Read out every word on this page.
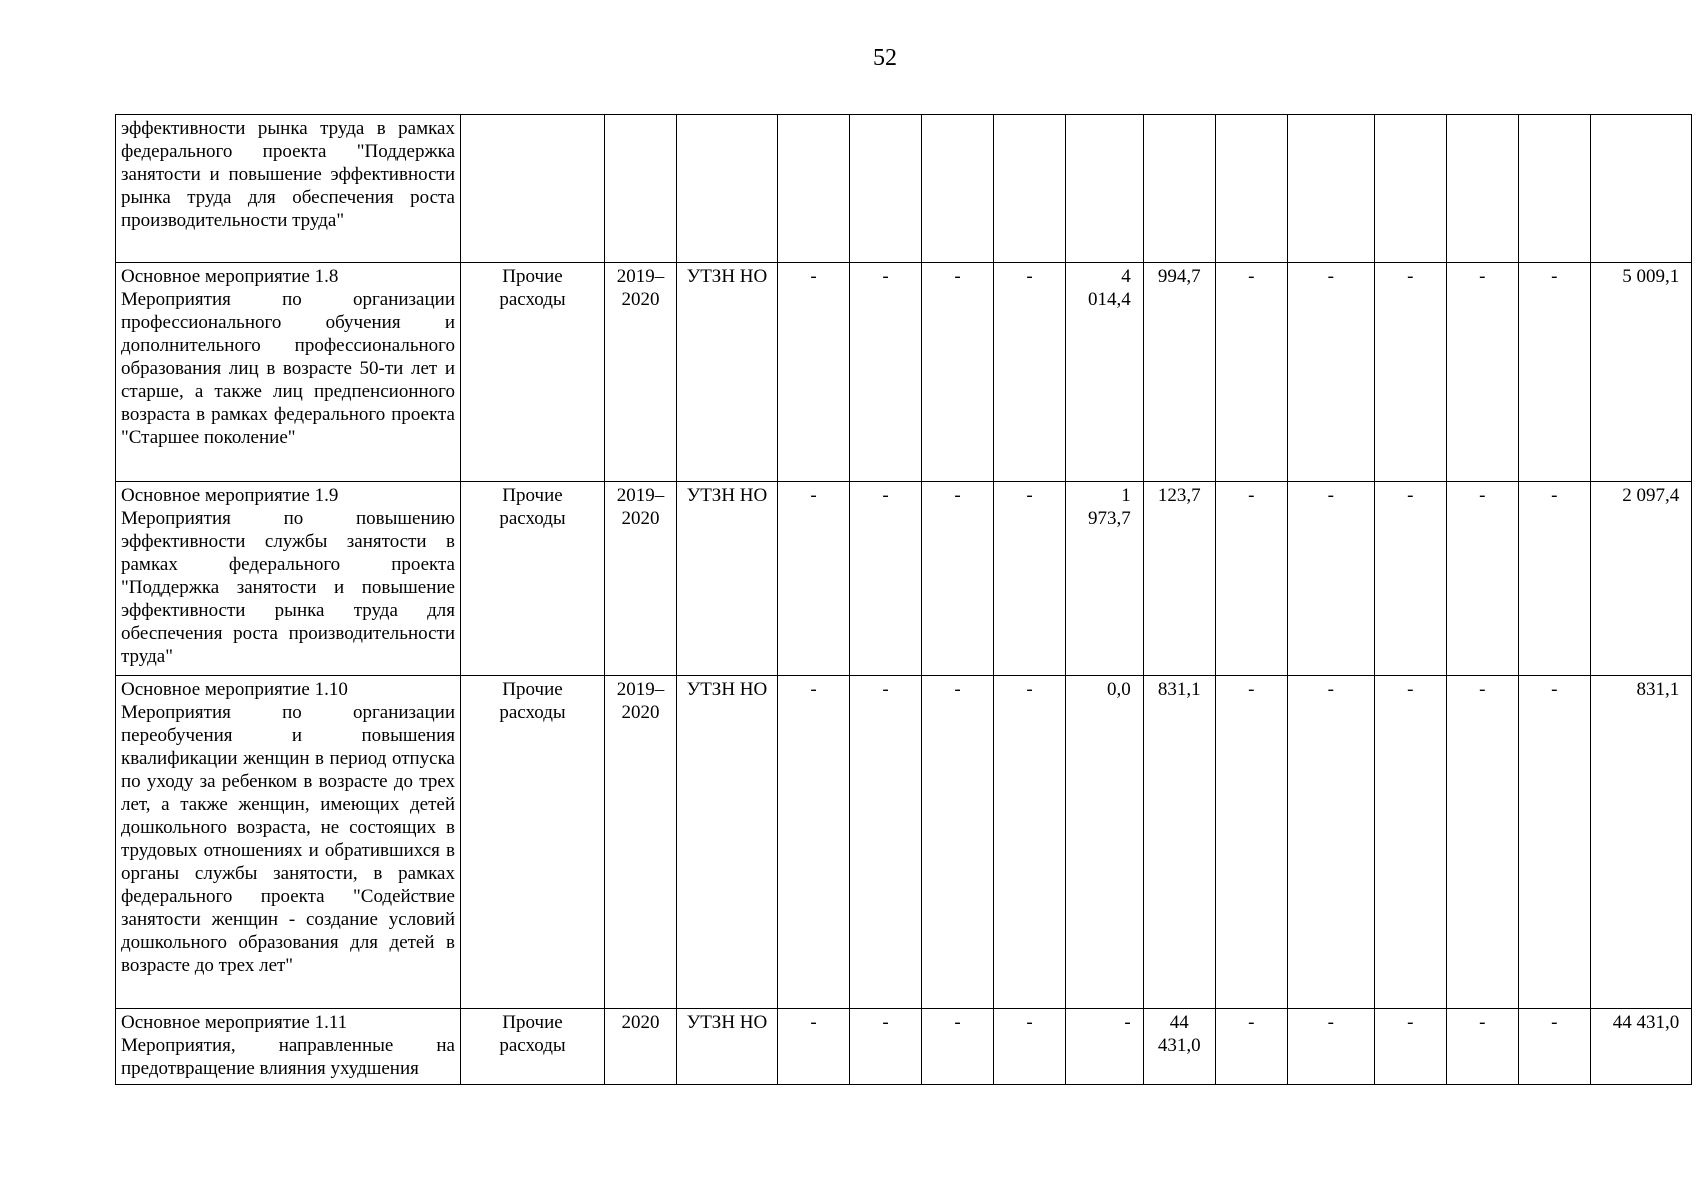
52
эффективности рынка труда в рамках федерального проекта "Поддержка занятости и повышение эффективности рынка труда для обеспечения роста производительности труда"															

Основное мероприятие 1.8
Мероприятия по организации профессионального обучения и дополнительного профессионального образования лиц в возрасте 50-ти лет и старше, а также лиц предпенсионного возраста в рамках федерального проекта "Старшее поколение"	Прочие расходы	2019–2020	УТЗН НО	-	-	-	-	4 014,4	994,7	-	-	-	-	-	5 009,1

Основное мероприятие 1.9
Мероприятия по повышению эффективности службы занятости в рамках федерального проекта "Поддержка занятости и повышение эффективности рынка труда для обеспечения роста производительности труда"	Прочие расходы	2019–2020	УТЗН НО	-	-	-	-	1 973,7	123,7	-	-	-	-	-	2 097,4

Основное мероприятие 1.10
Мероприятия по организации переобучения и повышения квалификации женщин в период отпуска по уходу за ребенком в возрасте до трех лет, а также женщин, имеющих детей дошкольного возраста, не состоящих в трудовых отношениях и обратившихся в органы службы занятости, в рамках федерального проекта "Содействие занятости женщин - создание условий дошкольного образования для детей в возрасте до трех лет"	Прочие расходы	2019–2020	УТЗН НО	-	-	-	-	0,0	831,1	-	-	-	-	-	831,1

Основное мероприятие 1.11
Мероприятия, направленные на предотвращение влияния ухудшения	Прочие расходы	2020	УТЗН НО	-	-	-	-	-	44 431,0	-	-	-	-	-	44 431,0
